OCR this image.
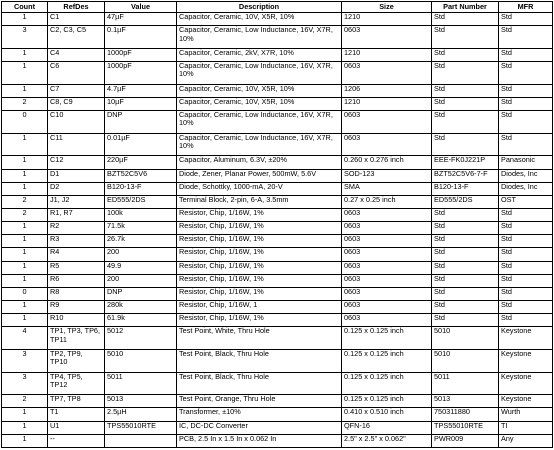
Count	RefDes	Value	Description	Size	Part Number	MFR
1	C1	47µF	Capacitor, Ceramic, 10V, X5R, 10%	1210	Std	Std
3	C2, C3, C5	0.1µF	Capacitor, Ceramic, Low Inductance, 16V, X7R, 10%	0603	Std	Std
1	C4	1000pF	Capacitor, Ceramic, 2kV, X7R, 10%	1210	Std	Std
1	C6	1000pF	Capacitor, Ceramic, Low Inductance, 16V, X7R, 10%	0603	Std	Std
1	C7	4.7µF	Capacitor, Ceramic, 10V, X5R, 10%	1206	Std	Std
2	C8, C9	10µF	Capacitor, Ceramic, 10V, X5R, 10%	1210	Std	Std
0	C10	DNP	Capacitor, Ceramic, Low Inductance, 16V, X7R, 10%	0603	Std	Std
1	C11	0.01µF	Capacitor, Ceramic, Low Inductance, 16V, X7R, 10%	0603	Std	Std
1	C12	220µF	Capacitor, Aluminum, 6.3V, ±20%	0.260 x 0.276 inch	EEE-FK0J221P	Panasonic
1	D1	BZT52C5V6	Diode, Zener, Planar Power, 500mW, 5.6V	SOD-123	BZT52C5V6-7-F	Diodes, Inc
1	D2	B120-13-F	Diode, Schottky, 1000-mA, 20-V	SMA	B120-13-F	Diodes, Inc
2	J1, J2	ED555/2DS	Terminal Block, 2-pin, 6-A, 3.5mm	0.27 x 0.25 inch	ED555/2DS	OST
2	R1, R7	100k	Resistor, Chip, 1/16W, 1%	0603	Std	Std
1	R2	71.5k	Resistor, Chip, 1/16W, 1%	0603	Std	Std
1	R3	26.7k	Resistor, Chip, 1/16W, 1%	0603	Std	Std
1	R4	200	Resistor, Chip, 1/16W, 1%	0603	Std	Std
1	R5	49.9	Resistor, Chip, 1/16W, 1%	0603	Std	Std
1	R6	200	Resistor, Chip, 1/16W, 1%	0603	Std	Std
0	R8	DNP	Resistor, Chip, 1/16W, 1%	0603	Std	Std
1	R9	280k	Resistor, Chip, 1/16W, 1	0603	Std	Std
1	R10	61.9k	Resistor, Chip, 1/16W, 1%	0603	Std	Std
4	TP1, TP3, TP6, TP11	5012	Test Point, White, Thru Hole	0.125 x 0.125 inch	5010	Keystone
3	TP2, TP9, TP10	5010	Test Point, Black, Thru Hole	0.125 x 0.125 inch	5010	Keystone
3	TP4, TP5, TP12	5011	Test Point, Black, Thru Hole	0.125 x 0.125 inch	5011	Keystone
2	TP7, TP8	5013	Test Point, Orange, Thru Hole	0.125 x 0.125 inch	5013	Keystone
1	T1	2.5µH	Transformer, ±10%	0.410 x 0.510 inch	750311880	Wurth
1	U1	TPS55010RTE	IC, DC-DC Converter	QFN-16	TPS55010RTE	TI
1	--		PCB, 2.5 In x 1.5 In x 0.062 In	2.5" x 2.5" x 0.062"	PWR009	Any
